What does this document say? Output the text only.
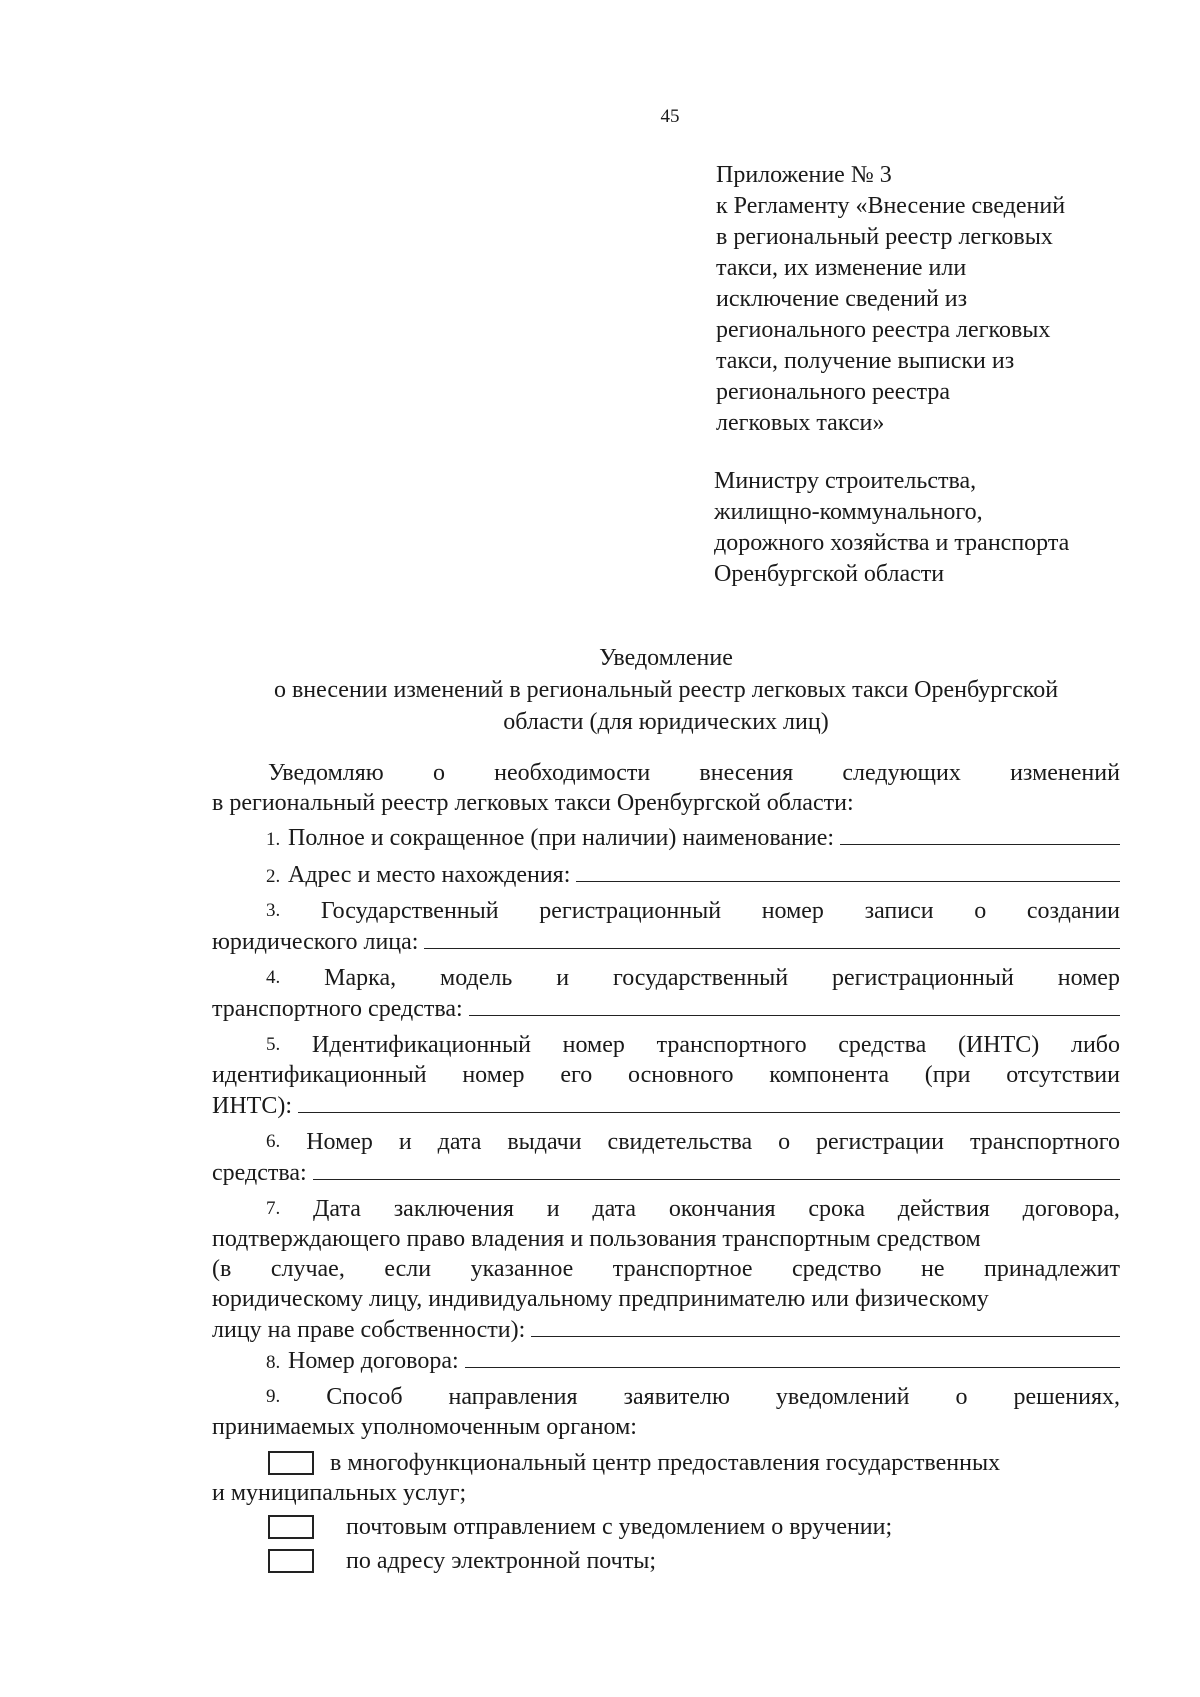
45
Приложение № 3
к Регламенту «Внесение сведений
в региональный реестр легковых
такси, их изменение или
исключение сведений из
регионального реестра легковых
такси, получение выписки из
регионального реестра
легковых такси»
Министру строительства,
жилищно-коммунального,
дорожного хозяйства и транспорта
Оренбургской области
Уведомление
о внесении изменений в региональный реестр легковых такси Оренбургской
области (для юридических лиц)
Уведомляю о необходимости внесения следующих изменений
в региональный реестр легковых такси Оренбургской области:
1. Полное и сокращенное (при наличии) наименование:
2. Адрес и место нахождения:
3. Государственный регистрационный номер записи о создании
юридического лица:
4. Марка, модель и государственный регистрационный номер
транспортного средства:
5. Идентификационный номер транспортного средства (ИНТС) либо
идентификационный номер его основного компонента (при отсутствии
ИНТС):
6. Номер и дата выдачи свидетельства о регистрации транспортного
средства:
7. Дата заключения и дата окончания срока действия договора,
подтверждающего право владения и пользования транспортным средством
(в случае, если указанное транспортное средство не принадлежит
юридическому лицу, индивидуальному предпринимателю или физическому
лицу на праве собственности):
8. Номер договора:
9. Способ направления заявителю уведомлений о решениях,
принимаемых уполномоченным органом:
в многофункциональный центр предоставления государственных
и муниципальных услуг;
почтовым отправлением с уведомлением о вручении;
по адресу электронной почты;
